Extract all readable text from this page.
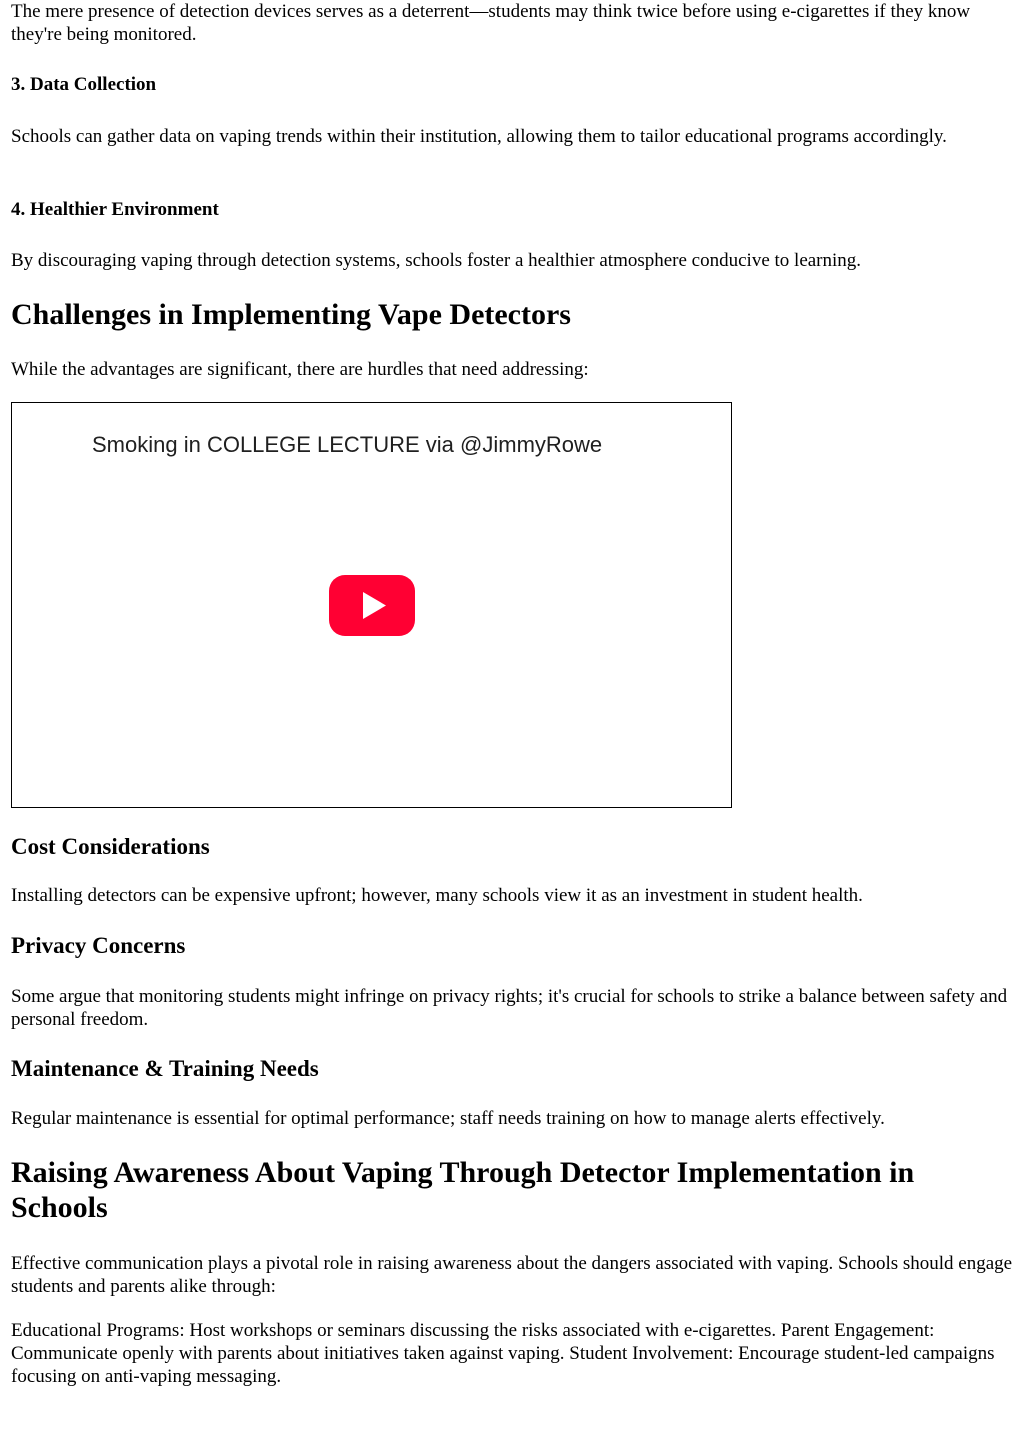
The mere presence of detection devices serves as a deterrent—students may think twice before using e-cigarettes if they know they're being monitored.

3. Data Collection

Schools can gather data on vaping trends within their institution, allowing them to tailor educational programs accordingly.

4. Healthier Environment

By discouraging vaping through detection systems, schools foster a healthier atmosphere conducive to learning.

Challenges in Implementing Vape Detectors

While the advantages are significant, there are hurdles that need addressing:

Smoking in COLLEGE LECTURE via @JimmyRowe
Cost Considerations

Installing detectors can be expensive upfront; however, many schools view it as an investment in student health.

Privacy Concerns

Some argue that monitoring students might infringe on privacy rights; it's crucial for schools to strike a balance between safety and personal freedom.

Maintenance & Training Needs

Regular maintenance is essential for optimal performance; staff needs training on how to manage alerts effectively.

Raising Awareness About Vaping Through Detector Implementation in Schools

Effective communication plays a pivotal role in raising awareness about the dangers associated with vaping. Schools should engage students and parents alike through:

Educational Programs: Host workshops or seminars discussing the risks associated with e-cigarettes. Parent Engagement: Communicate openly with parents about initiatives taken against vaping. Student Involvement: Encourage student-led campaigns focusing on anti-vaping messaging.
